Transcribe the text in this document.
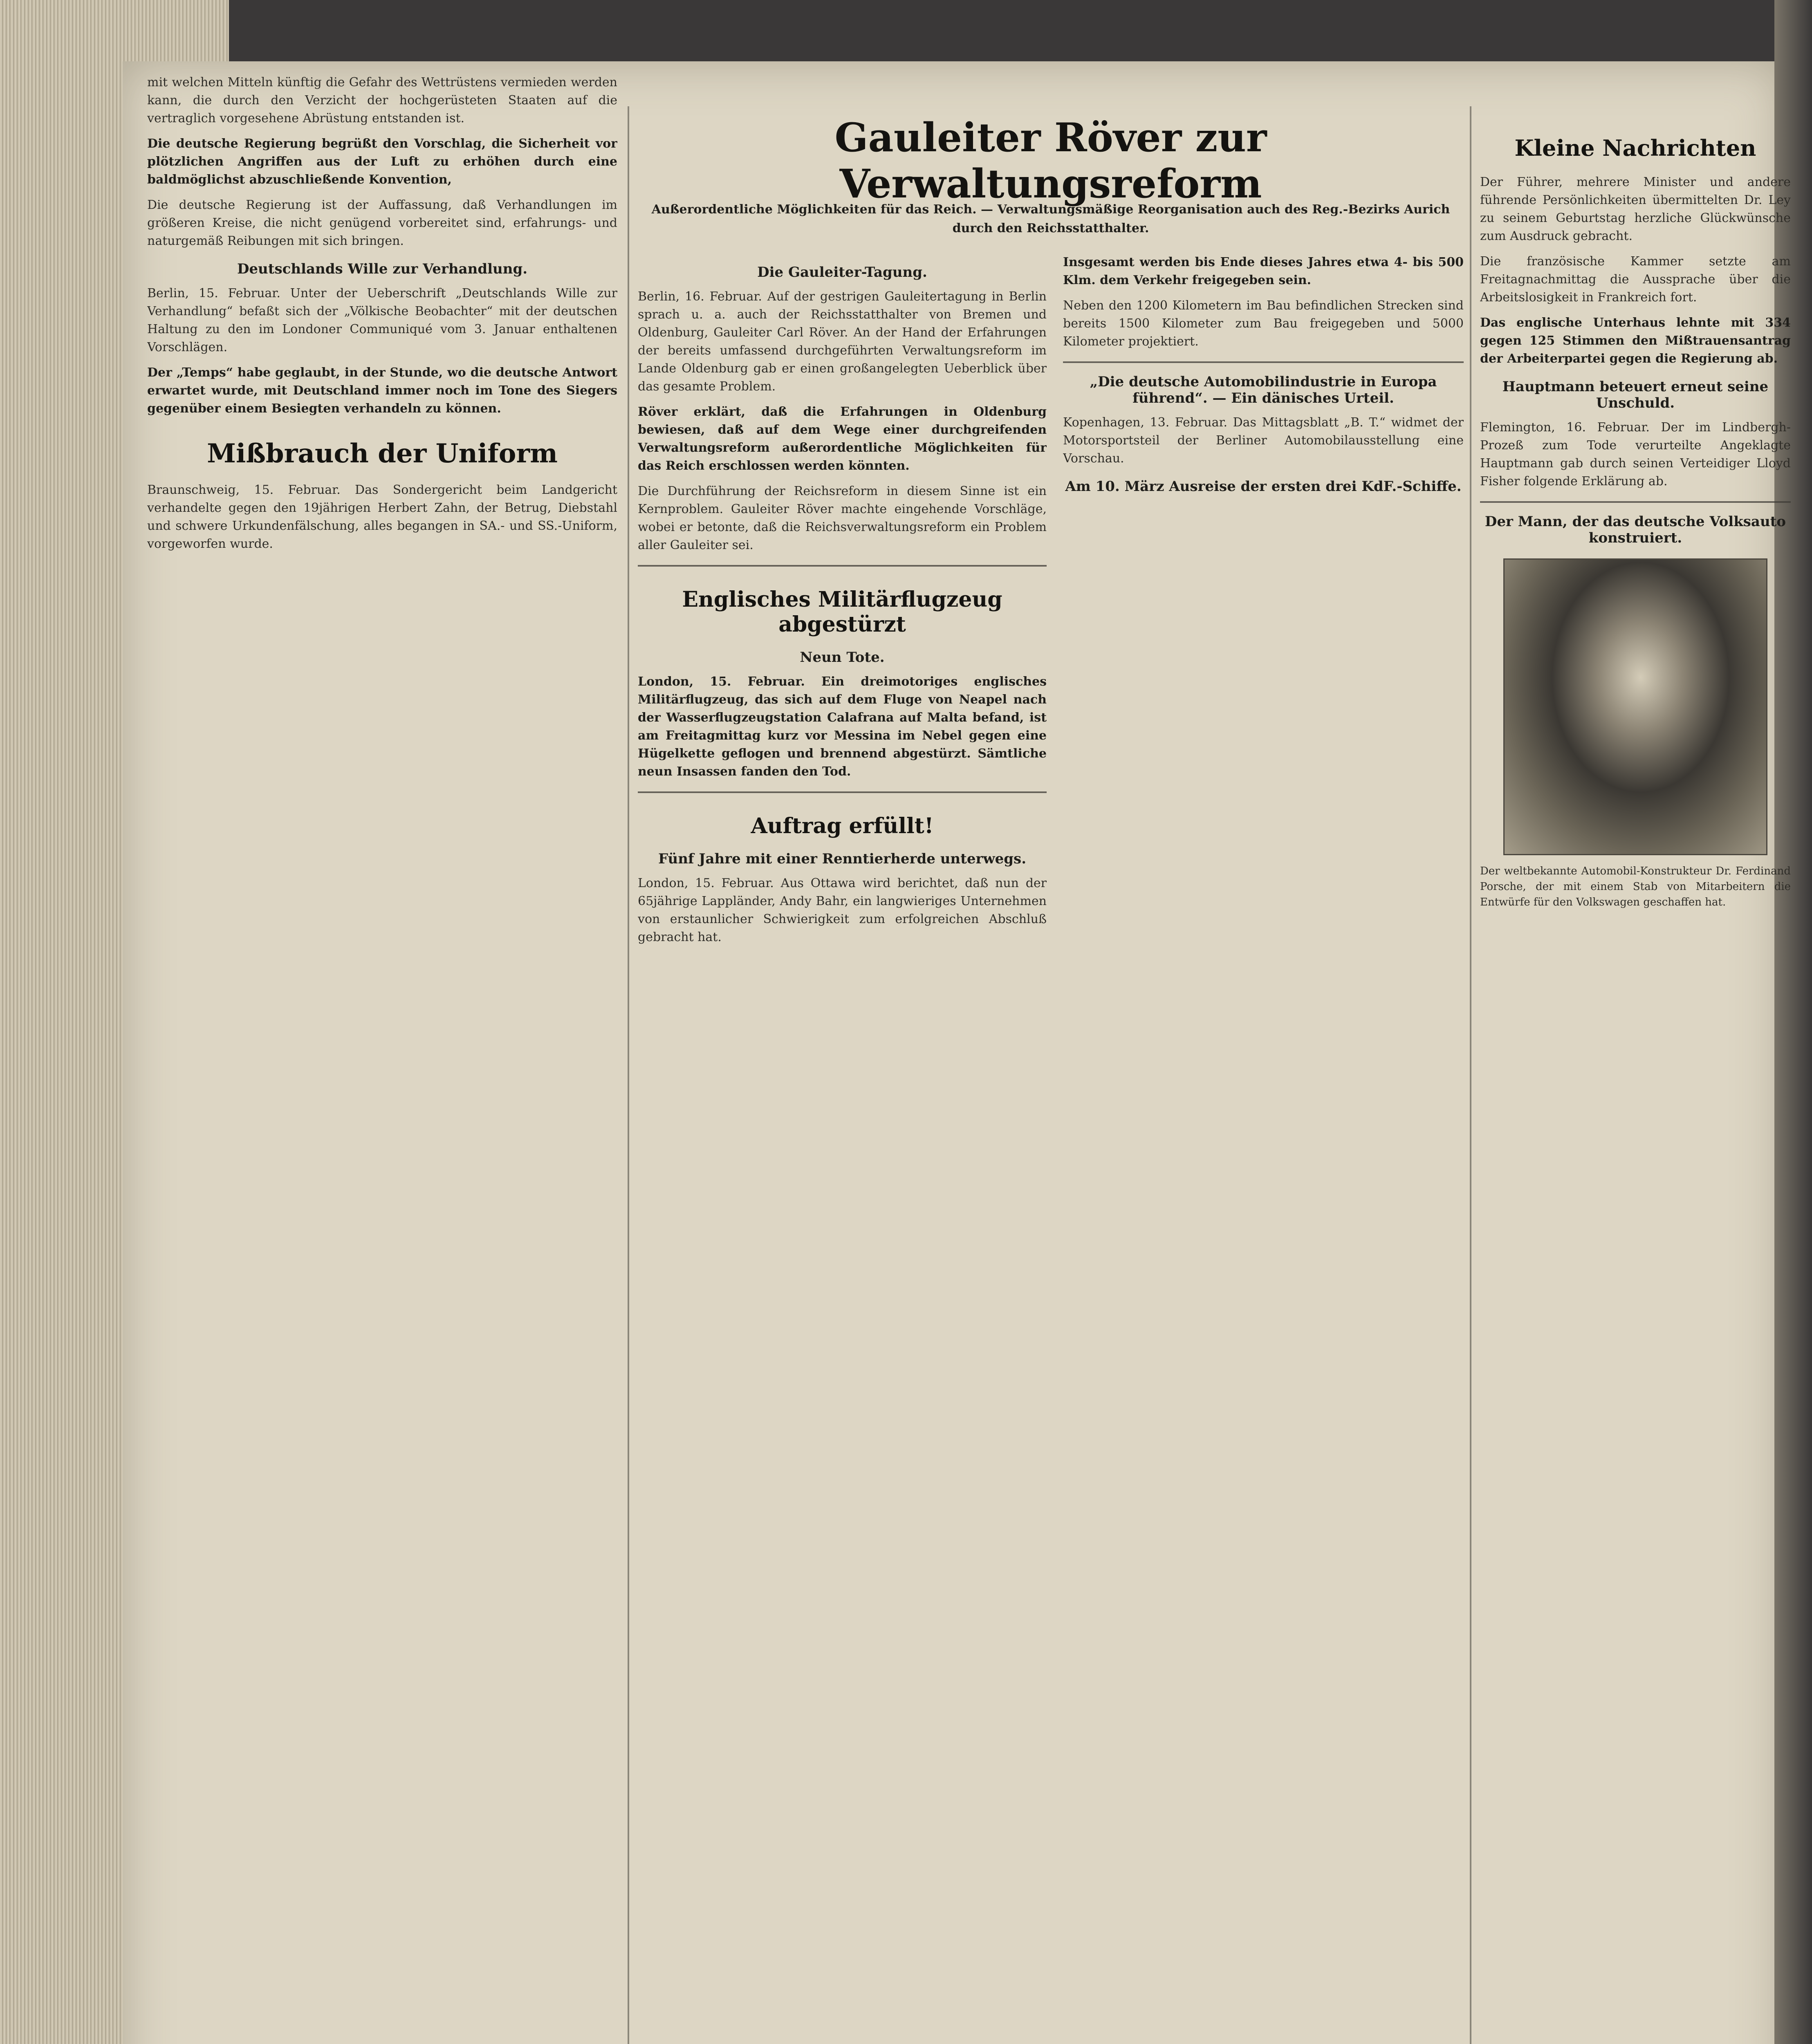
Gauleiter Röver zur Verwaltungsreform
Außerordentliche Möglichkeiten für das Reich. — Verwaltungsmäßige Reorganisation auch des Reg.-Bezirks Aurich durch den Reichsstatthalter.

mit welchen Mitteln künftig die Gefahr des Wettrüstens vermieden werden kann, die durch den Verzicht der hochgerüsteten Staaten auf die vertraglich vorgesehene Abrüstung entstanden ist.

Die deutsche Regierung begrüßt den Vorschlag, die Sicherheit vor plötzlichen Angriffen aus der Luft zu erhöhen durch eine baldmöglichst abzuschließende Konvention,

Die deutsche Regierung ist der Auffassung, daß Verhandlungen im größeren Kreise, die nicht genügend vorbereitet sind, erfahrungs- und naturgemäß Reibungen mit sich bringen.

Deutschlands Wille zur Verhandlung.

Berlin, 15. Februar. Unter der Ueberschrift „Deutschlands Wille zur Verhandlung“ befaßt sich der „Völkische Beobachter“ mit der deutschen Haltung zu den im Londoner Communiqué vom 3. Januar enthaltenen Vorschlägen.

Der „Temps“ habe geglaubt, in der Stunde, wo die deutsche Antwort erwartet wurde, mit Deutschland immer noch im Tone des Siegers gegenüber einem Besiegten verhandeln zu können.

Mißbrauch der Uniform

Braunschweig, 15. Februar. Das Sondergericht beim Landgericht verhandelte gegen den 19jährigen Herbert Zahn, der Betrug, Diebstahl und schwere Urkundenfälschung, alles begangen in SA.- und SS.-Uniform, vorgeworfen wurde.

Die Gauleiter-Tagung.

Berlin, 16. Februar. Auf der gestrigen Gauleitertagung in Berlin sprach u. a. auch der Reichsstatthalter von Bremen und Oldenburg, Gauleiter Carl Röver. An der Hand der Erfahrungen der bereits umfassend durchgeführten Verwaltungsreform im Lande Oldenburg gab er einen großangelegten Ueberblick über das gesamte Problem.

Röver erklärt, daß die Erfahrungen in Oldenburg bewiesen, daß auf dem Wege einer durchgreifenden Verwaltungsreform außerordentliche Möglichkeiten für das Reich erschlossen werden könnten.

Die Durchführung der Reichsreform in diesem Sinne ist ein Kernproblem. Gauleiter Röver machte eingehende Vorschläge, wobei er betonte, daß die Reichsverwaltungsreform ein Problem aller Gauleiter sei.

Englisches Militärflugzeug abgestürzt
Neun Tote.

London, 15. Februar. Ein dreimotoriges englisches Militärflugzeug, das sich auf dem Fluge von Neapel nach der Wasserflugzeugstation Calafrana auf Malta befand, ist am Freitagmittag kurz vor Messina im Nebel gegen eine Hügelkette geflogen und brennend abgestürzt. Sämtliche neun Insassen fanden den Tod.

Auftrag erfüllt!
Fünf Jahre mit einer Renntierherde unterwegs.

London, 15. Februar. Aus Ottawa wird berichtet, daß nun der 65jährige Lappländer, Andy Bahr, ein langwieriges Unternehmen von erstaunlicher Schwierigkeit zum erfolgreichen Abschluß gebracht hat.

Insgesamt werden bis Ende dieses Jahres etwa 4- bis 500 Klm. dem Verkehr freigegeben sein.

Neben den 1200 Kilometern im Bau befindlichen Strecken sind bereits 1500 Kilometer zum Bau freigegeben und 5000 Kilometer projektiert.

„Die deutsche Automobilindustrie in Europa führend“. — Ein dänisches Urteil.

Kopenhagen, 13. Februar. Das Mittagsblatt „B. T.“ widmet der Motorsportsteil der Berliner Automobilausstellung eine Vorschau.

Am 10. März Ausreise der ersten drei KdF.-Schiffe.
Kleine Nachrichten

Der Führer, mehrere Minister und andere führende Persönlichkeiten übermittelten Dr. Ley zu seinem Geburtstag herzliche Glückwünsche zum Ausdruck gebracht.

Die französische Kammer setzte am Freitagnachmittag die Aussprache über die Arbeitslosigkeit in Frankreich fort.

Das englische Unterhaus lehnte mit 334 gegen 125 Stimmen den Mißtrauensantrag der Arbeiterpartei gegen die Regierung ab.

Hauptmann beteuert erneut seine Unschuld.

Flemington, 16. Februar. Der im Lindbergh-Prozeß zum Tode verurteilte Angeklagte Hauptmann gab durch seinen Verteidiger Lloyd Fisher folgende Erklärung ab.

Der Mann, der das deutsche Volksauto konstruiert.

Der weltbekannte Automobil-Konstrukteur Dr. Ferdinand Porsche, der mit einem Stab von Mitarbeitern die Entwürfe für den Volkswagen geschaffen hat.
